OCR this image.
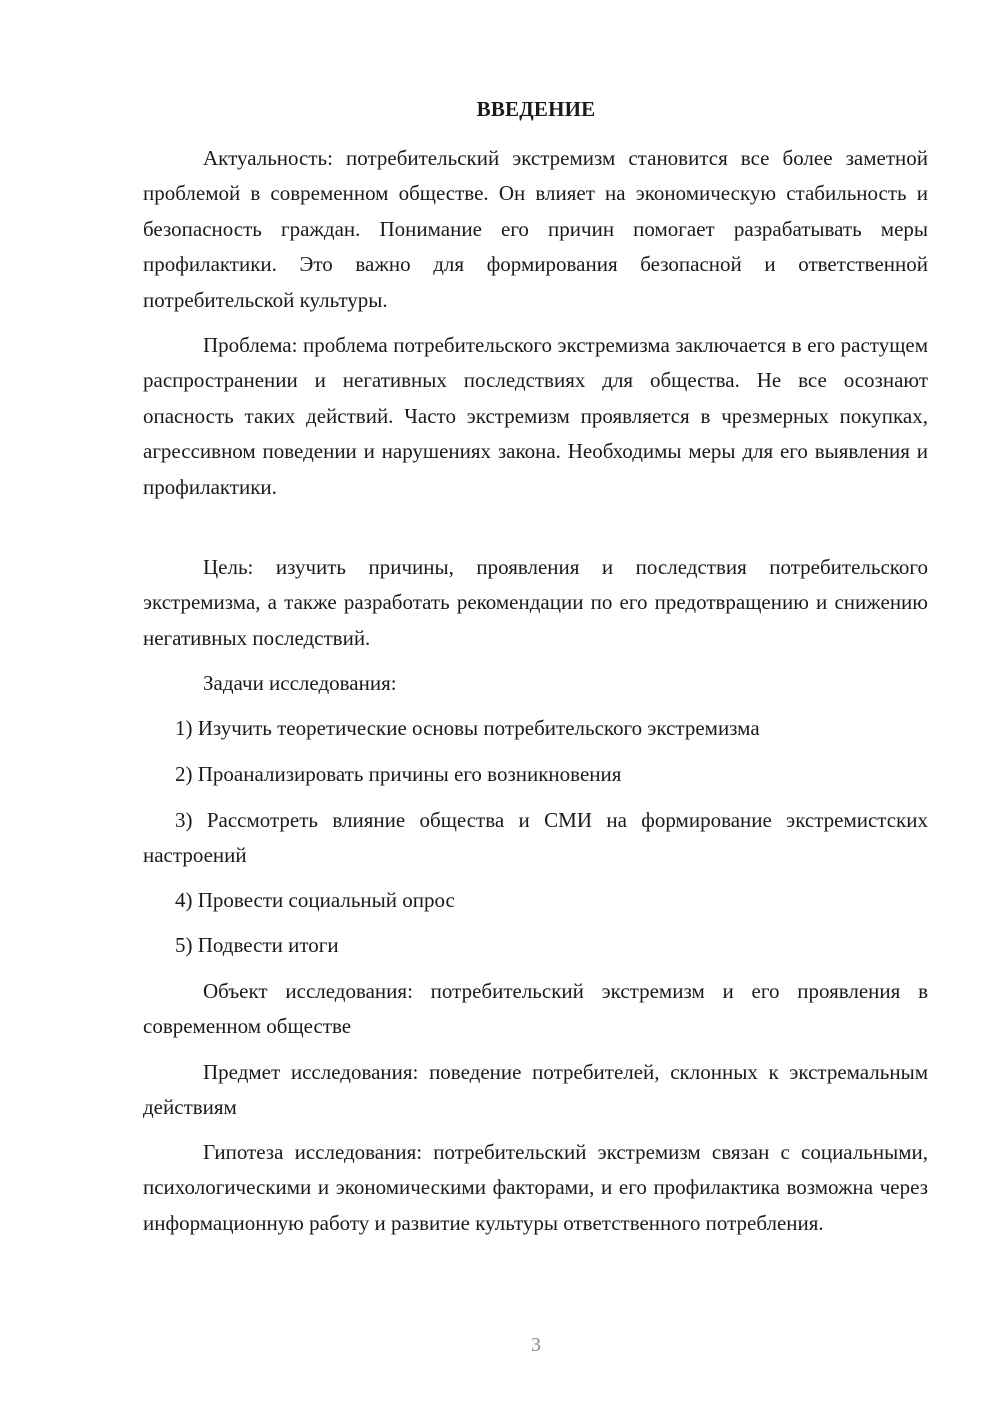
ВВЕДЕНИЕ

Актуальность: потребительский экстремизм становится все более заметной проблемой в современном обществе. Он влияет на экономическую стабильность и безопасность граждан. Понимание его причин помогает разрабатывать меры профилактики. Это важно для формирования безопасной и ответственной потребительской культуры.

Проблема: проблема потребительского экстремизма заключается в его растущем распространении и негативных последствиях для общества. Не все осознают опасность таких действий. Часто экстремизм проявляется в чрезмерных покупках, агрессивном поведении и нарушениях закона. Необходимы меры для его выявления и профилактики.

Цель: изучить причины, проявления и последствия потребительского экстремизма, а также разработать рекомендации по его предотвращению и снижению негативных последствий.

Задачи исследования:

1) Изучить теоретические основы потребительского экстремизма

2) Проанализировать причины его возникновения

3) Рассмотреть влияние общества и СМИ на формирование экстремистских настроений

4) Провести социальный опрос

5) Подвести итоги

Объект исследования: потребительский экстремизм и его проявления в современном обществе

Предмет исследования: поведение потребителей, склонных к экстремальным действиям

Гипотеза исследования: потребительский экстремизм связан с социальными, психологическими и экономическими факторами, и его профилактика возможна через информационную работу и развитие культуры ответственного потребления.

3
